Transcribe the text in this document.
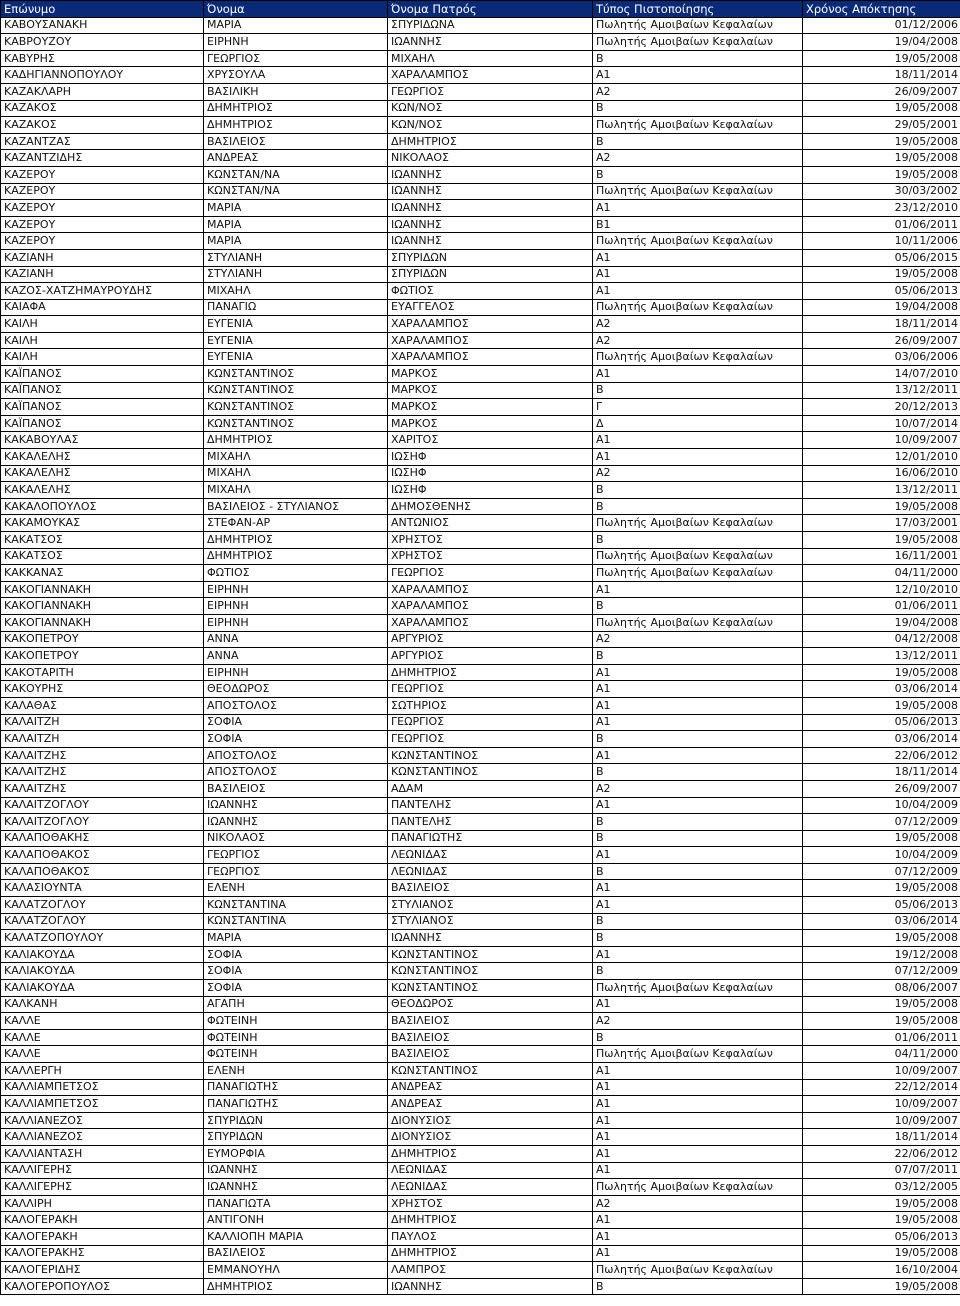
Επώνυμο	Όνομα	Όνομα Πατρός	Τύπος Πιστοποίησης	Χρόνος Απόκτησης
ΚΑΒΟΥΣΑΝΑΚΗ	ΜΑΡΙΑ	ΣΠΥΡΙΔΩΝΑ	Πωλητής Αμοιβαίων Κεφαλαίων	01/12/2006
ΚΑΒΡΟΥΖΟΥ	ΕΙΡΗΝΗ	ΙΩΑΝΝΗΣ	Πωλητής Αμοιβαίων Κεφαλαίων	19/04/2008
ΚΑΒΥΡΗΣ	ΓΕΩΡΓΙΟΣ	ΜΙΧΑΗΛ	Β	19/05/2008
ΚΑΔΗΓΙΑΝΝΟΠΟΥΛΟΥ	ΧΡΥΣΟΥΛΑ	ΧΑΡΑΛΑΜΠΟΣ	Α1	18/11/2014
ΚΑΖΑΚΛΑΡΗ	ΒΑΣΙΛΙΚΗ	ΓΕΩΡΓΙΟΣ	Α2	26/09/2007
ΚΑΖΑΚΟΣ	ΔΗΜΗΤΡΙΟΣ	ΚΩΝ/ΝΟΣ	Β	19/05/2008
ΚΑΖΑΚΟΣ	ΔΗΜΗΤΡΙΟΣ	ΚΩΝ/ΝΟΣ	Πωλητής Αμοιβαίων Κεφαλαίων	29/05/2001
ΚΑΖΑΝΤΖΑΣ	ΒΑΣΙΛΕΙΟΣ	ΔΗΜΗΤΡΙΟΣ	Β	19/05/2008
ΚΑΖΑΝΤΖΙΔΗΣ	ΑΝΔΡΕΑΣ	ΝΙΚΟΛΑΟΣ	Α2	19/05/2008
ΚΑΖΕΡΟΥ	ΚΩΝΣΤΑΝ/ΝΑ	ΙΩΑΝΝΗΣ	Β	19/05/2008
ΚΑΖΕΡΟΥ	ΚΩΝΣΤΑΝ/ΝΑ	ΙΩΑΝΝΗΣ	Πωλητής Αμοιβαίων Κεφαλαίων	30/03/2002
ΚΑΖΕΡΟΥ	ΜΑΡΙΑ	ΙΩΑΝΝΗΣ	Α1	23/12/2010
ΚΑΖΕΡΟΥ	ΜΑΡΙΑ	ΙΩΑΝΝΗΣ	Β1	01/06/2011
ΚΑΖΕΡΟΥ	ΜΑΡΙΑ	ΙΩΑΝΝΗΣ	Πωλητής Αμοιβαίων Κεφαλαίων	10/11/2006
ΚΑΖΙΑΝΗ	ΣΤΥΛΙΑΝΗ	ΣΠΥΡΙΔΩΝ	Α1	05/06/2015
ΚΑΖΙΑΝΗ	ΣΤΥΛΙΑΝΗ	ΣΠΥΡΙΔΩΝ	Α1	19/05/2008
ΚΑΖΟΣ-ΧΑΤΖΗΜΑΥΡΟΥΔΗΣ	ΜΙΧΑΗΛ	ΦΩΤΙΟΣ	Α1	05/06/2013
ΚΑΙΑΦΑ	ΠΑΝΑΓΙΩ	ΕΥΑΓΓΕΛΟΣ	Πωλητής Αμοιβαίων Κεφαλαίων	19/04/2008
ΚΑΙΛΗ	ΕΥΓΕΝΙΑ	ΧΑΡΑΛΑΜΠΟΣ	Α2	18/11/2014
ΚΑΙΛΗ	ΕΥΓΕΝΙΑ	ΧΑΡΑΛΑΜΠΟΣ	Α2	26/09/2007
ΚΑΙΛΗ	ΕΥΓΕΝΙΑ	ΧΑΡΑΛΑΜΠΟΣ	Πωλητής Αμοιβαίων Κεφαλαίων	03/06/2006
ΚΑΪΠΑΝΟΣ	ΚΩΝΣΤΑΝΤΙΝΟΣ	ΜΑΡΚΟΣ	Α1	14/07/2010
ΚΑΪΠΑΝΟΣ	ΚΩΝΣΤΑΝΤΙΝΟΣ	ΜΑΡΚΟΣ	Β	13/12/2011
ΚΑΪΠΑΝΟΣ	ΚΩΝΣΤΑΝΤΙΝΟΣ	ΜΑΡΚΟΣ	Γ	20/12/2013
ΚΑΪΠΑΝΟΣ	ΚΩΝΣΤΑΝΤΙΝΟΣ	ΜΑΡΚΟΣ	Δ	10/07/2014
ΚΑΚΑΒΟΥΛΑΣ	ΔΗΜΗΤΡΙΟΣ	ΧΑΡΙΤΟΣ	Α1	10/09/2007
ΚΑΚΑΛΕΛΗΣ	ΜΙΧΑΗΛ	ΙΩΣΗΦ	Α1	12/01/2010
ΚΑΚΑΛΕΛΗΣ	ΜΙΧΑΗΛ	ΙΩΣΗΦ	Α2	16/06/2010
ΚΑΚΑΛΕΛΗΣ	ΜΙΧΑΗΛ	ΙΩΣΗΦ	Β	13/12/2011
ΚΑΚΑΛΟΠΟΥΛΟΣ	ΒΑΣΙΛΕΙΟΣ - ΣΤΥΛΙΑΝΟΣ	ΔΗΜΟΣΘΕΝΗΣ	Β	19/05/2008
ΚΑΚΑΜΟΥΚΑΣ	ΣΤΕΦΑΝ-ΑΡ	ΑΝΤΩΝΙΟΣ	Πωλητής Αμοιβαίων Κεφαλαίων	17/03/2001
ΚΑΚΑΤΣΟΣ	ΔΗΜΗΤΡΙΟΣ	ΧΡΗΣΤΟΣ	Β	19/05/2008
ΚΑΚΑΤΣΟΣ	ΔΗΜΗΤΡΙΟΣ	ΧΡΗΣΤΟΣ	Πωλητής Αμοιβαίων Κεφαλαίων	16/11/2001
ΚΑΚΚΑΝΑΣ	ΦΩΤΙΟΣ	ΓΕΩΡΓΙΟΣ	Πωλητής Αμοιβαίων Κεφαλαίων	04/11/2000
ΚΑΚΟΓΙΑΝΝΑΚΗ	ΕΙΡΗΝΗ	ΧΑΡΑΛΑΜΠΟΣ	Α1	12/10/2010
ΚΑΚΟΓΙΑΝΝΑΚΗ	ΕΙΡΗΝΗ	ΧΑΡΑΛΑΜΠΟΣ	Β	01/06/2011
ΚΑΚΟΓΙΑΝΝΑΚΗ	ΕΙΡΗΝΗ	ΧΑΡΑΛΑΜΠΟΣ	Πωλητής Αμοιβαίων Κεφαλαίων	19/04/2008
ΚΑΚΟΠΕΤΡΟΥ	ΑΝΝΑ	ΑΡΓΥΡΙΟΣ	Α2	04/12/2008
ΚΑΚΟΠΕΤΡΟΥ	ΑΝΝΑ	ΑΡΓΥΡΙΟΣ	Β	13/12/2011
ΚΑΚΟΤΑΡΙΤΗ	ΕΙΡΗΝΗ	ΔΗΜΗΤΡΙΟΣ	Α1	19/05/2008
ΚΑΚΟΥΡΗΣ	ΘΕΟΔΩΡΟΣ	ΓΕΩΡΓΙΟΣ	Α1	03/06/2014
ΚΑΛΑΘΑΣ	ΑΠΟΣΤΟΛΟΣ	ΣΩΤΗΡΙΟΣ	Α1	19/05/2008
ΚΑΛΑΙΤΖΗ	ΣΟΦΙΑ	ΓΕΩΡΓΙΟΣ	Α1	05/06/2013
ΚΑΛΑΙΤΖΗ	ΣΟΦΙΑ	ΓΕΩΡΓΙΟΣ	Β	03/06/2014
ΚΑΛΑΙΤΖΗΣ	ΑΠΟΣΤΟΛΟΣ	ΚΩΝΣΤΑΝΤΙΝΟΣ	Α1	22/06/2012
ΚΑΛΑΙΤΖΗΣ	ΑΠΟΣΤΟΛΟΣ	ΚΩΝΣΤΑΝΤΙΝΟΣ	Β	18/11/2014
ΚΑΛΑΙΤΖΗΣ	ΒΑΣΙΛΕΙΟΣ	ΑΔΑΜ	Α2	26/09/2007
ΚΑΛΑΙΤΖΟΓΛΟΥ	ΙΩΑΝΝΗΣ	ΠΑΝΤΕΛΗΣ	Α1	10/04/2009
ΚΑΛΑΙΤΖΟΓΛΟΥ	ΙΩΑΝΝΗΣ	ΠΑΝΤΕΛΗΣ	Β	07/12/2009
ΚΑΛΑΠΟΘΑΚΗΣ	ΝΙΚΟΛΑΟΣ	ΠΑΝΑΓΙΩΤΗΣ	Β	19/05/2008
ΚΑΛΑΠΟΘΑΚΟΣ	ΓΕΩΡΓΙΟΣ	ΛΕΩΝΙΔΑΣ	Α1	10/04/2009
ΚΑΛΑΠΟΘΑΚΟΣ	ΓΕΩΡΓΙΟΣ	ΛΕΩΝΙΔΑΣ	Β	07/12/2009
ΚΑΛΑΣΙΟΥΝΤΑ	ΕΛΕΝΗ	ΒΑΣΙΛΕΙΟΣ	Α1	19/05/2008
ΚΑΛΑΤΖΟΓΛΟΥ	ΚΩΝΣΤΑΝΤΙΝΑ	ΣΤΥΛΙΑΝΟΣ	Α1	05/06/2013
ΚΑΛΑΤΖΟΓΛΟΥ	ΚΩΝΣΤΑΝΤΙΝΑ	ΣΤΥΛΙΑΝΟΣ	Β	03/06/2014
ΚΑΛΑΤΖΟΠΟΥΛΟΥ	ΜΑΡΙΑ	ΙΩΑΝΝΗΣ	Β	19/05/2008
ΚΑΛΙΑΚΟΥΔΑ	ΣΟΦΙΑ	ΚΩΝΣΤΑΝΤΙΝΟΣ	Α1	19/12/2008
ΚΑΛΙΑΚΟΥΔΑ	ΣΟΦΙΑ	ΚΩΝΣΤΑΝΤΙΝΟΣ	Β	07/12/2009
ΚΑΛΙΑΚΟΥΔΑ	ΣΟΦΙΑ	ΚΩΝΣΤΑΝΤΙΝΟΣ	Πωλητής Αμοιβαίων Κεφαλαίων	08/06/2007
ΚΑΛΚΑΝΗ	ΑΓΑΠΗ	ΘΕΟΔΩΡΟΣ	Α1	19/05/2008
ΚΑΛΛΕ	ΦΩΤΕΙΝΗ	ΒΑΣΙΛΕΙΟΣ	Α2	19/05/2008
ΚΑΛΛΕ	ΦΩΤΕΙΝΗ	ΒΑΣΙΛΕΙΟΣ	Β	01/06/2011
ΚΑΛΛΕ	ΦΩΤΕΙΝΗ	ΒΑΣΙΛΕΙΟΣ	Πωλητής Αμοιβαίων Κεφαλαίων	04/11/2000
ΚΑΛΛΕΡΓΗ	ΕΛΕΝΗ	ΚΩΝΣΤΑΝΤΙΝΟΣ	Α1	10/09/2007
ΚΑΛΛΙΑΜΠΕΤΣΟΣ	ΠΑΝΑΓΙΩΤΗΣ	ΑΝΔΡΕΑΣ	Α1	22/12/2014
ΚΑΛΛΙΑΜΠΕΤΣΟΣ	ΠΑΝΑΓΙΩΤΗΣ	ΑΝΔΡΕΑΣ	Α1	10/09/2007
ΚΑΛΛΙΑΝΕΖΟΣ	ΣΠΥΡΙΔΩΝ	ΔΙΟΝΥΣΙΟΣ	Α1	10/09/2007
ΚΑΛΛΙΑΝΕΖΟΣ	ΣΠΥΡΙΔΩΝ	ΔΙΟΝΥΣΙΟΣ	Α1	18/11/2014
ΚΑΛΛΙΑΝΤΑΣΗ	ΕΥΜΟΡΦΙΑ	ΔΗΜΗΤΡΙΟΣ	Α1	22/06/2012
ΚΑΛΛΙΓΕΡΗΣ	ΙΩΑΝΝΗΣ	ΛΕΩΝΙΔΑΣ	Α1	07/07/2011
ΚΑΛΛΙΓΕΡΗΣ	ΙΩΑΝΝΗΣ	ΛΕΩΝΙΔΑΣ	Πωλητής Αμοιβαίων Κεφαλαίων	03/12/2005
ΚΑΛΛΙΡΗ	ΠΑΝΑΓΙΩΤΑ	ΧΡΗΣΤΟΣ	Α2	19/05/2008
ΚΑΛΟΓΕΡΑΚΗ	ΑΝΤΙΓΟΝΗ	ΔΗΜΗΤΡΙΟΣ	Α1	19/05/2008
ΚΑΛΟΓΕΡΑΚΗ	ΚΑΛΛΙΟΠΗ ΜΑΡΙΑ	ΠΑΥΛΟΣ	Α1	05/06/2013
ΚΑΛΟΓΕΡΑΚΗΣ	ΒΑΣΙΛΕΙΟΣ	ΔΗΜΗΤΡΙΟΣ	Α1	19/05/2008
ΚΑΛΟΓΕΡΙΔΗΣ	ΕΜΜΑΝΟΥΗΛ	ΛΑΜΠΡΟΣ	Πωλητής Αμοιβαίων Κεφαλαίων	16/10/2004
ΚΑΛΟΓΕΡΟΠΟΥΛΟΣ	ΔΗΜΗΤΡΙΟΣ	ΙΩΑΝΝΗΣ	Β	19/05/2008
